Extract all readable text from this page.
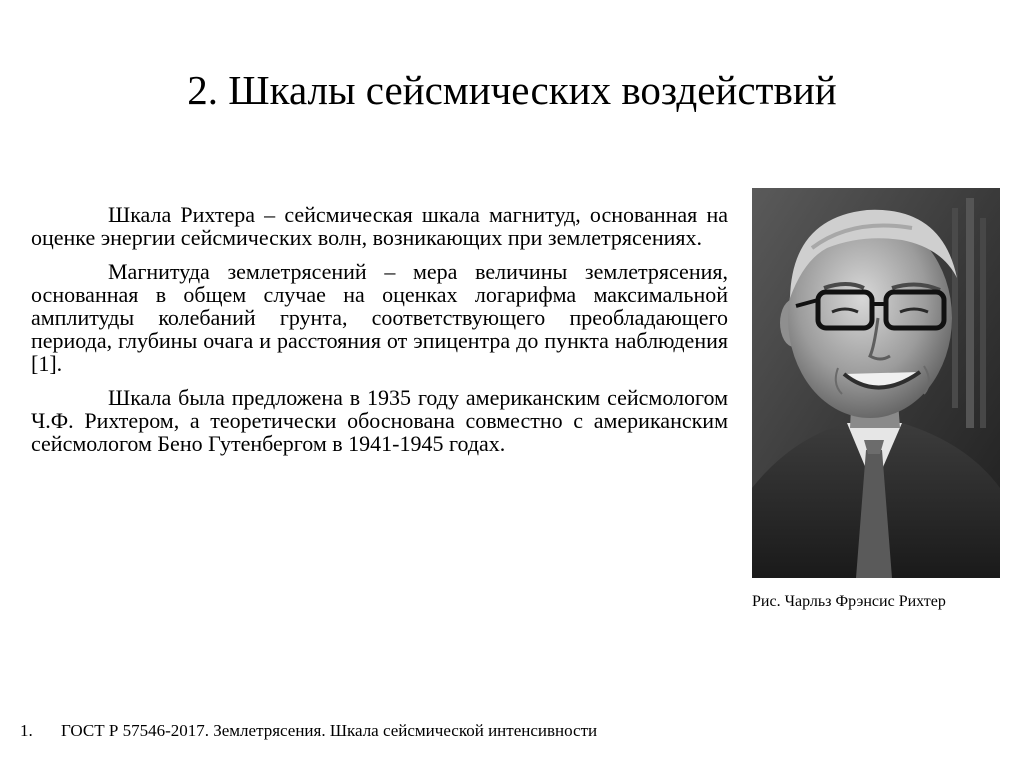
2. Шкалы сейсмических воздействий

Шкала Рихтера – сейсмическая шкала магнитуд, основанная на оценке энергии сейсмических волн, возникающих при землетрясениях.

Магнитуда землетрясений – мера величины землетрясения, основанная в общем случае на оценках логарифма максимальной амплитуды колебаний грунта, соответствующего преобладающего периода, глубины очага и расстояния от эпицентра до пункта наблюдения [1].

Шкала была предложена в 1935 году американским сейсмологом Ч.Ф. Рихтером, а теоретически обоснована совместно с американским сейсмологом Бено Гутенбергом в 1941-1945 годах.

Рис. Чарльз Фрэнсис Рихтер
1. ГОСТ Р 57546-2017. Землетрясения. Шкала сейсмической интенсивности
